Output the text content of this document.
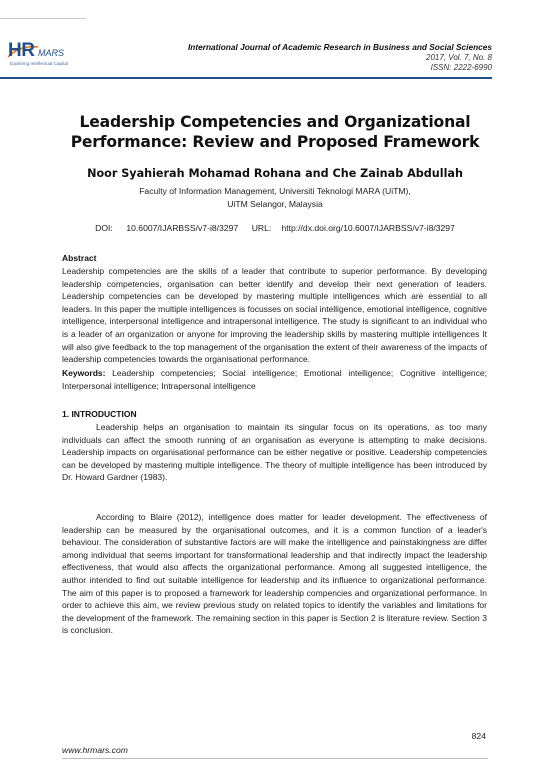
HR MARS
Exploring Intellectual Capital
International Journal of Academic Research in Business and Social Sciences
2017, Vol. 7, No. 8
ISSN: 2222-6990
Leadership Competencies and Organizational Performance: Review and Proposed Framework
Noor Syahierah Mohamad Rohana and Che Zainab Abdullah
Faculty of Information Management, Universiti Teknologi MARA (UiTM),
UiTM Selangor, Malaysia
DOI:    10.6007/IJARBSS/v7-i8/3297    URL:   http://dx.doi.org/10.6007/IJARBSS/v7-i8/3297
Abstract
Leadership competencies are the skills of a leader that contribute to superior performance. By developing leadership competencies, organisation can better identify and develop their next generation of leaders. Leadership competencies can be developed by mastering multiple intelligences which are essential to all leaders. In this paper the multiple intelligences is focusses on social intelligence, emotional intelligence, cognitive intelligence, interpersonal intelligence and intrapersonal intelligence. The study is significant to an individual who is a leader of an organization or anyone for improving the leadership skills by mastering multiple intelligences It will also give feedback to the top management of the organisation the extent of their awareness of the impacts of leadership competencies towards the organisational performance.
Keywords: Leadership competencies; Social intelligence; Emotional intelligence; Cognitive intelligence; Interpersonal intelligence; Intrapersonal intelligence
1. INTRODUCTION
Leadership helps an organisation to maintain its singular focus on its operations, as too many individuals can affect the smooth running of an organisation as everyone is attempting to make decisions. Leadership impacts on organisational performance can be either negative or positive. Leadership competencies can be developed by mastering multiple intelligence. The theory of multiple intelligence has been introduced by Dr. Howard Gardner (1983).
According to Blaire (2012), intelligence does matter for leader development. The effectiveness of leadership can be measured by the organisational outcomes, and it is a common function of a leader's behaviour. The consideration of substantive factors are will make the intelligence and painstakingness are differ among individual that seems important for transformational leadership and that indirectly impact the leadership effectiveness, that would also affects the organizational performance. Among all suggested intelligence, the author intended to find out suitable intelligence for leadership and its influence to organizational performance. The aim of this paper is to proposed a framework for leadership compencies and organizational performance. In order to achieve this aim, we review previous study on related topics to identify the variables and limitations for the development of the framework. The remaining section in this paper is Section 2 is literature review. Section 3 is conclusion.
824
www.hrmars.com
